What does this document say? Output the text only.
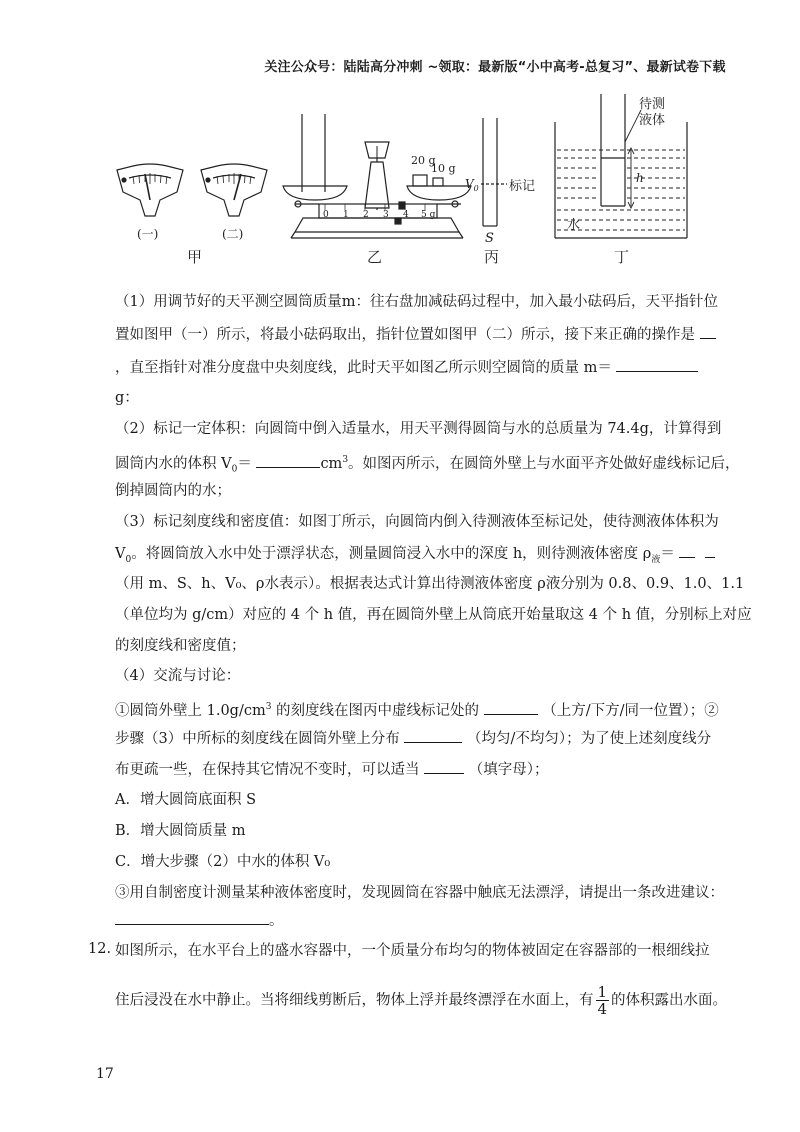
关注公众号：陆陆高分冲刺 ~领取：最新版“小中高考-总复习”、最新试卷下载
(一)	(二)
甲
20 g
10 g
0 1 2 3 4 5 g
乙
$V_0$ 标记
S
丙
待测
液体
h
水
丁
（1）用调节好的天平测空圆筒质量m：往右盘加减砝码过程中，加入最小砝码后，天平指针位
置如图甲（一）所示，将最小砝码取出，指针位置如图甲（二）所示，接下来正确的操作是
，直至指针对准分度盘中央刻度线，此时天平如图乙所示则空圆筒的质量 m＝
g：
（2）标记一定体积：向圆筒中倒入适量水，用天平测得圆筒与水的总质量为 74.4g，计算得到
圆筒内水的体积 $V_0=$	$cm^3$。如图丙所示，在圆筒外壁上与水面平齐处做好虚线标记后，
倒掉圆筒内的水；
（3）标记刻度线和密度值：如图丁所示，向圆筒内倒入待测液体至标记处，使待测液体体积为
$V_0$。将圆筒放入水中处于漂浮状态，测量圆筒浸入水中的深度 h，则待测液体密度 $\rho_液=$
（用 m、S、h、V₀、ρ水表示）。根据表达式计算出待测液体密度 ρ液分别为 0.8、0.9、1.0、1.1
（单位均为 g/cm）对应的 4 个 h 值，再在圆筒外壁上从筒底开始量取这 4 个 h 值，分别标上对应
的刻度线和密度值；
（4）交流与讨论：
①圆筒外壁上 $1.0g/cm^3$ 的刻度线在图丙中虚线标记处的	（上方/下方/同一位置）；②
步骤（3）中所标的刻度线在圆筒外壁上分布	（均匀/不均匀）；为了使上述刻度线分
布更疏一些，在保持其它情况不变时，可以适当	（填字母）；
A．增大圆筒底面积 S
B．增大圆筒质量 m
C．增大步骤（2）中水的体积 V₀
③用自制密度计测量某种液体密度时，发现圆筒在容器中触底无法漂浮，请提出一条改进建议：
。
12. 如图所示，在水平台上的盛水容器中，一个质量分布均匀的物体被固定在容器部的一根细线拉
住后浸没在水中静止。当将细线剪断后，物体上浮并最终漂浮在水面上，有 $\frac{1}{4}$ 的体积露出水面。
17
